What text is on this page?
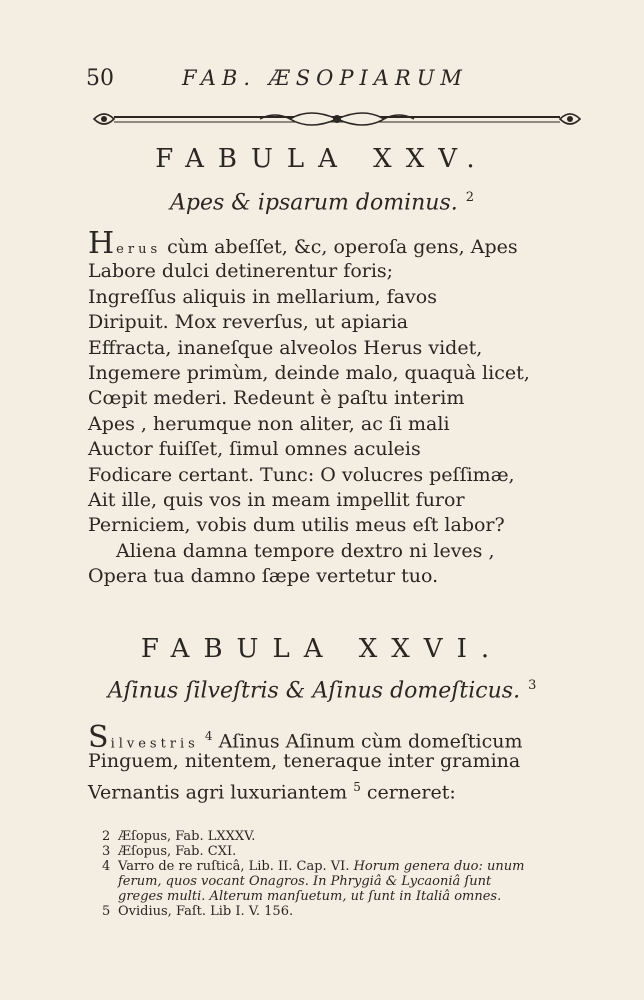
50	FAB. ÆSOPIARUM
FABULA XXV.
Apes & ipsarum dominus. $^2$
Herus cùm abeſſet, &c, operoſa gens, Apes
Labore dulci detinerentur foris;
Ingreſſus aliquis in mellarium, favos
Diripuit. Mox reverſus, ut apiaria
Effracta, inaneſque alveolos Herus videt,
Ingemere primùm, deinde malo, quaquà licet,
Cœpit mederi. Redeunt è paſtu interim
Apes , herumque non aliter, ac ſi mali
Auctor fuiſſet, ſimul omnes aculeis
Fodicare certant. Tunc: O volucres peſſimæ,
Ait ille, quis vos in meam impellit furor
Perniciem, vobis dum utilis meus eſt labor?
Aliena damna tempore dextro ni leves ,
Opera tua damno ſæpe vertetur tuo.
FABULA XXVI.
Aſinus ſilveſtris & Aſinus domeſticus. $^3$
Silvestris $^4$ Aſinus Aſinum cùm domeſticum
Pinguem, nitentem, teneraque inter gramina
Vernantis agri luxuriantem $^5$ cerneret:
2 Æſopus, Fab. LXXXV.
3 Æſopus, Fab. CXI.
4 Varro de re ruſticâ, Lib. II. Cap. VI. Horum genera duo: unum
ferum, quos vocant Onagros. In Phrygiâ & Lycaoniâ ſunt
greges multi. Alterum manſuetum, ut ſunt in Italiâ omnes.
5 Ovidius, Faſt. Lib I. V. 156.
